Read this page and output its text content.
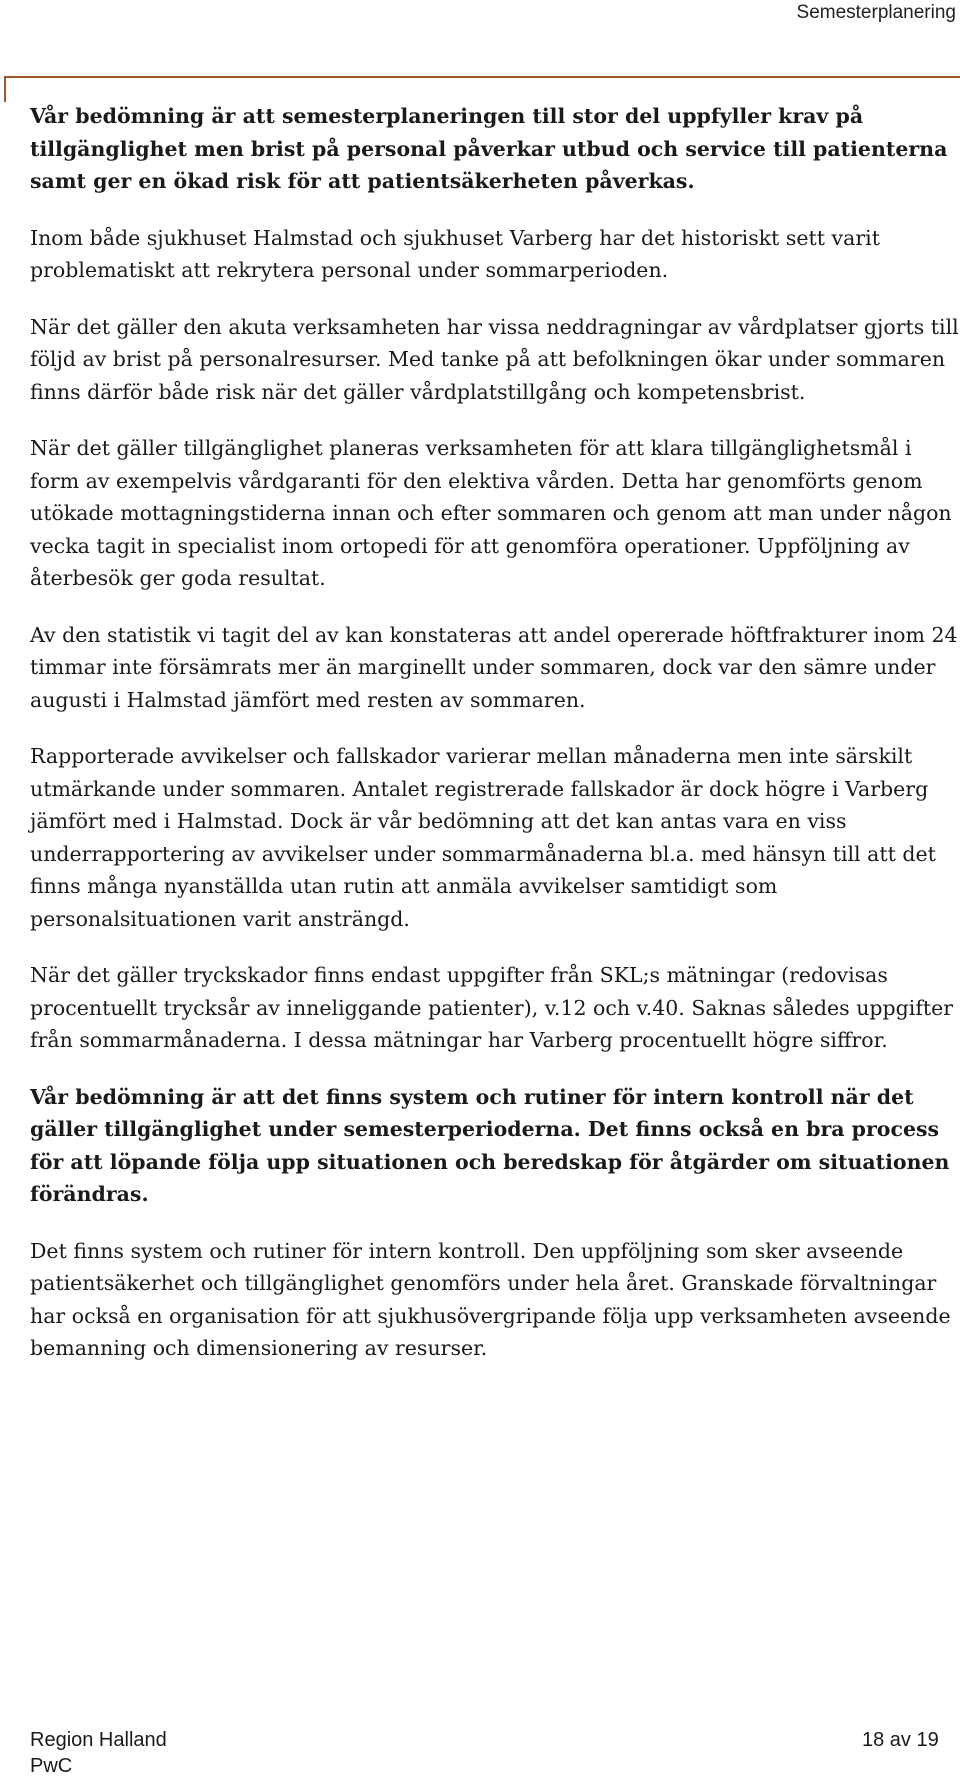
Semesterplanering

Vår bedömning är att semesterplaneringen till stor del uppfyller krav på tillgänglighet men brist på personal påverkar utbud och service till patienterna samt ger en ökad risk för att patientsäkerheten påverkas.

Inom både sjukhuset Halmstad och sjukhuset Varberg har det historiskt sett varit problematiskt att rekrytera personal under sommarperioden.

När det gäller den akuta verksamheten har vissa neddragningar av vårdplatser gjorts till följd av brist på personalresurser. Med tanke på att befolkningen ökar under sommaren finns därför både risk när det gäller vårdplatstillgång och kompetensbrist.

När det gäller tillgänglighet planeras verksamheten för att klara tillgänglighetsmål i form av exempelvis vårdgaranti för den elektiva vården. Detta har genomförts genom utökade mottagningstiderna innan och efter sommaren och genom att man under någon vecka tagit in specialist inom ortopedi för att genomföra operationer. Uppföljning av återbesök ger goda resultat.

Av den statistik vi tagit del av kan konstateras att andel opererade höftfrakturer inom 24 timmar inte försämrats mer än marginellt under sommaren, dock var den sämre under augusti i Halmstad jämfört med resten av sommaren.

Rapporterade avvikelser och fallskador varierar mellan månaderna men inte särskilt utmärkande under sommaren. Antalet registrerade fallskador är dock högre i Varberg jämfört med i Halmstad. Dock är vår bedömning att det kan antas vara en viss underrapportering av avvikelser under sommarmånaderna bl.a. med hänsyn till att det finns många nyanställda utan rutin att anmäla avvikelser samtidigt som personalsituationen varit ansträngd.

När det gäller tryckskador finns endast uppgifter från SKL;s mätningar (redovisas procentuellt trycksår av inneliggande patienter), v.12 och v.40. Saknas således uppgifter från sommarmånaderna. I dessa mätningar har Varberg procentuellt högre siffror.

Vår bedömning är att det finns system och rutiner för intern kontroll när det gäller tillgänglighet under semesterperioderna. Det finns också en bra process för att löpande följa upp situationen och beredskap för åtgärder om situationen förändras.

Det finns system och rutiner för intern kontroll. Den uppföljning som sker avseende patientsäkerhet och tillgänglighet genomförs under hela året. Granskade förvaltningar har också en organisation för att sjukhusövergripande följa upp verksamheten avseende bemanning och dimensionering av resurser.

Region Halland
PwC
18 av 19
